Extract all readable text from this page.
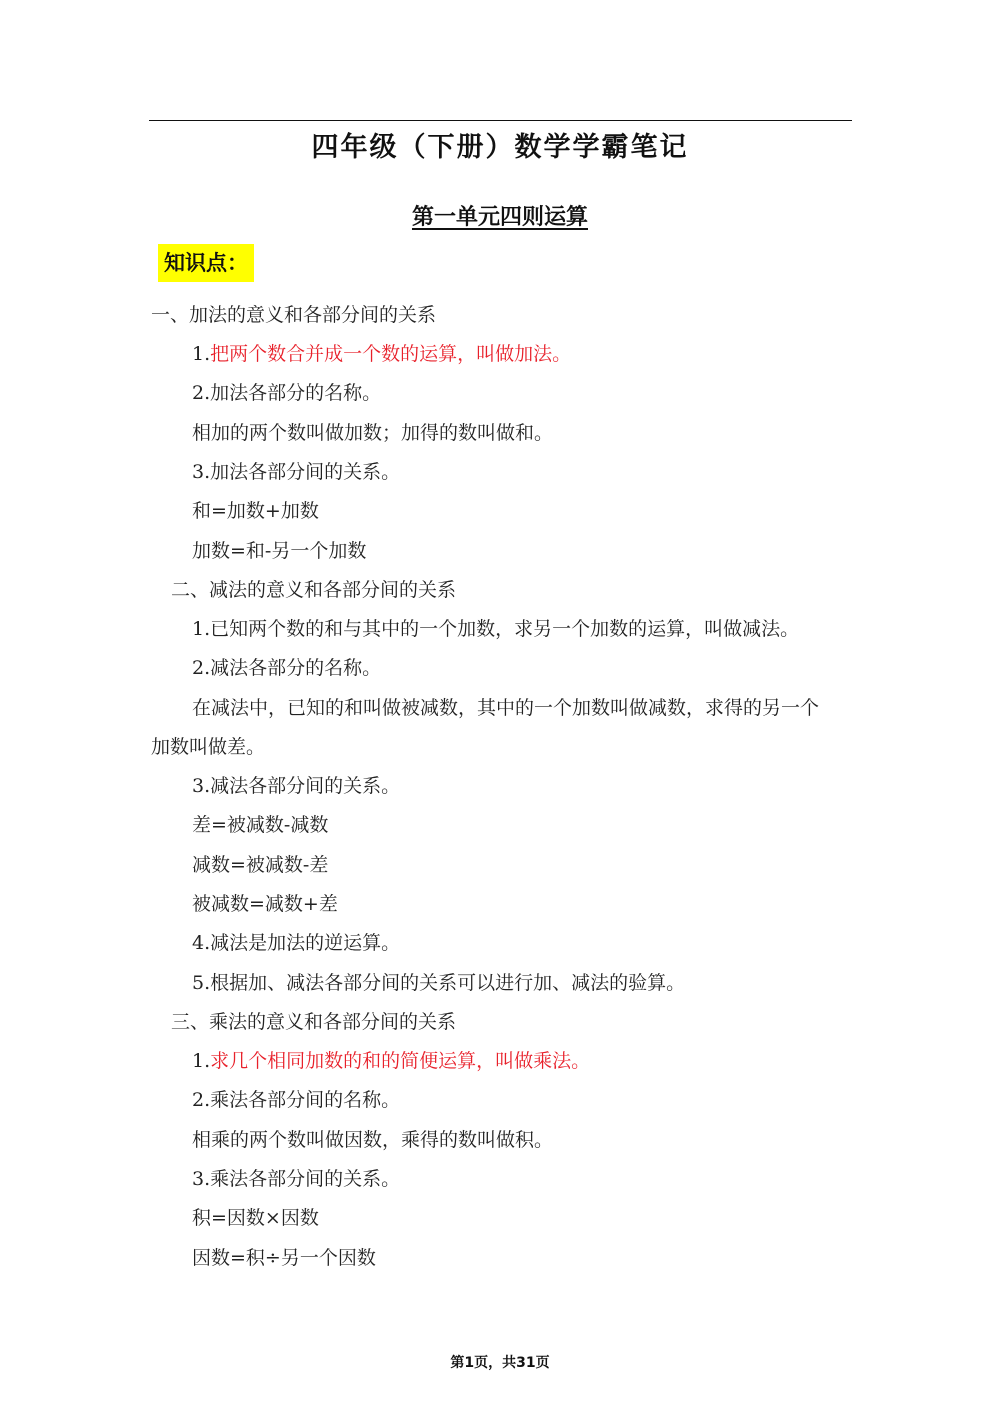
四年级（下册）数学学霸笔记
第一单元四则运算
知识点：
一、加法的意义和各部分间的关系
1.把两个数合并成一个数的运算，叫做加法。
2.加法各部分的名称。
相加的两个数叫做加数；加得的数叫做和。
3.加法各部分间的关系。
和=加数+加数
加数=和-另一个加数
二、减法的意义和各部分间的关系
1.已知两个数的和与其中的一个加数，求另一个加数的运算，叫做减法。
2.减法各部分的名称。
在减法中，已知的和叫做被减数，其中的一个加数叫做减数，求得的另一个
加数叫做差。
3.减法各部分间的关系。
差=被减数-减数
减数=被减数-差
被减数=减数+差
4.减法是加法的逆运算。
5.根据加、减法各部分间的关系可以进行加、减法的验算。
三、乘法的意义和各部分间的关系
1.求几个相同加数的和的简便运算，叫做乘法。
2.乘法各部分间的名称。
相乘的两个数叫做因数，乘得的数叫做积。
3.乘法各部分间的关系。
积=因数×因数
因数=积÷另一个因数
第1页，共31页
